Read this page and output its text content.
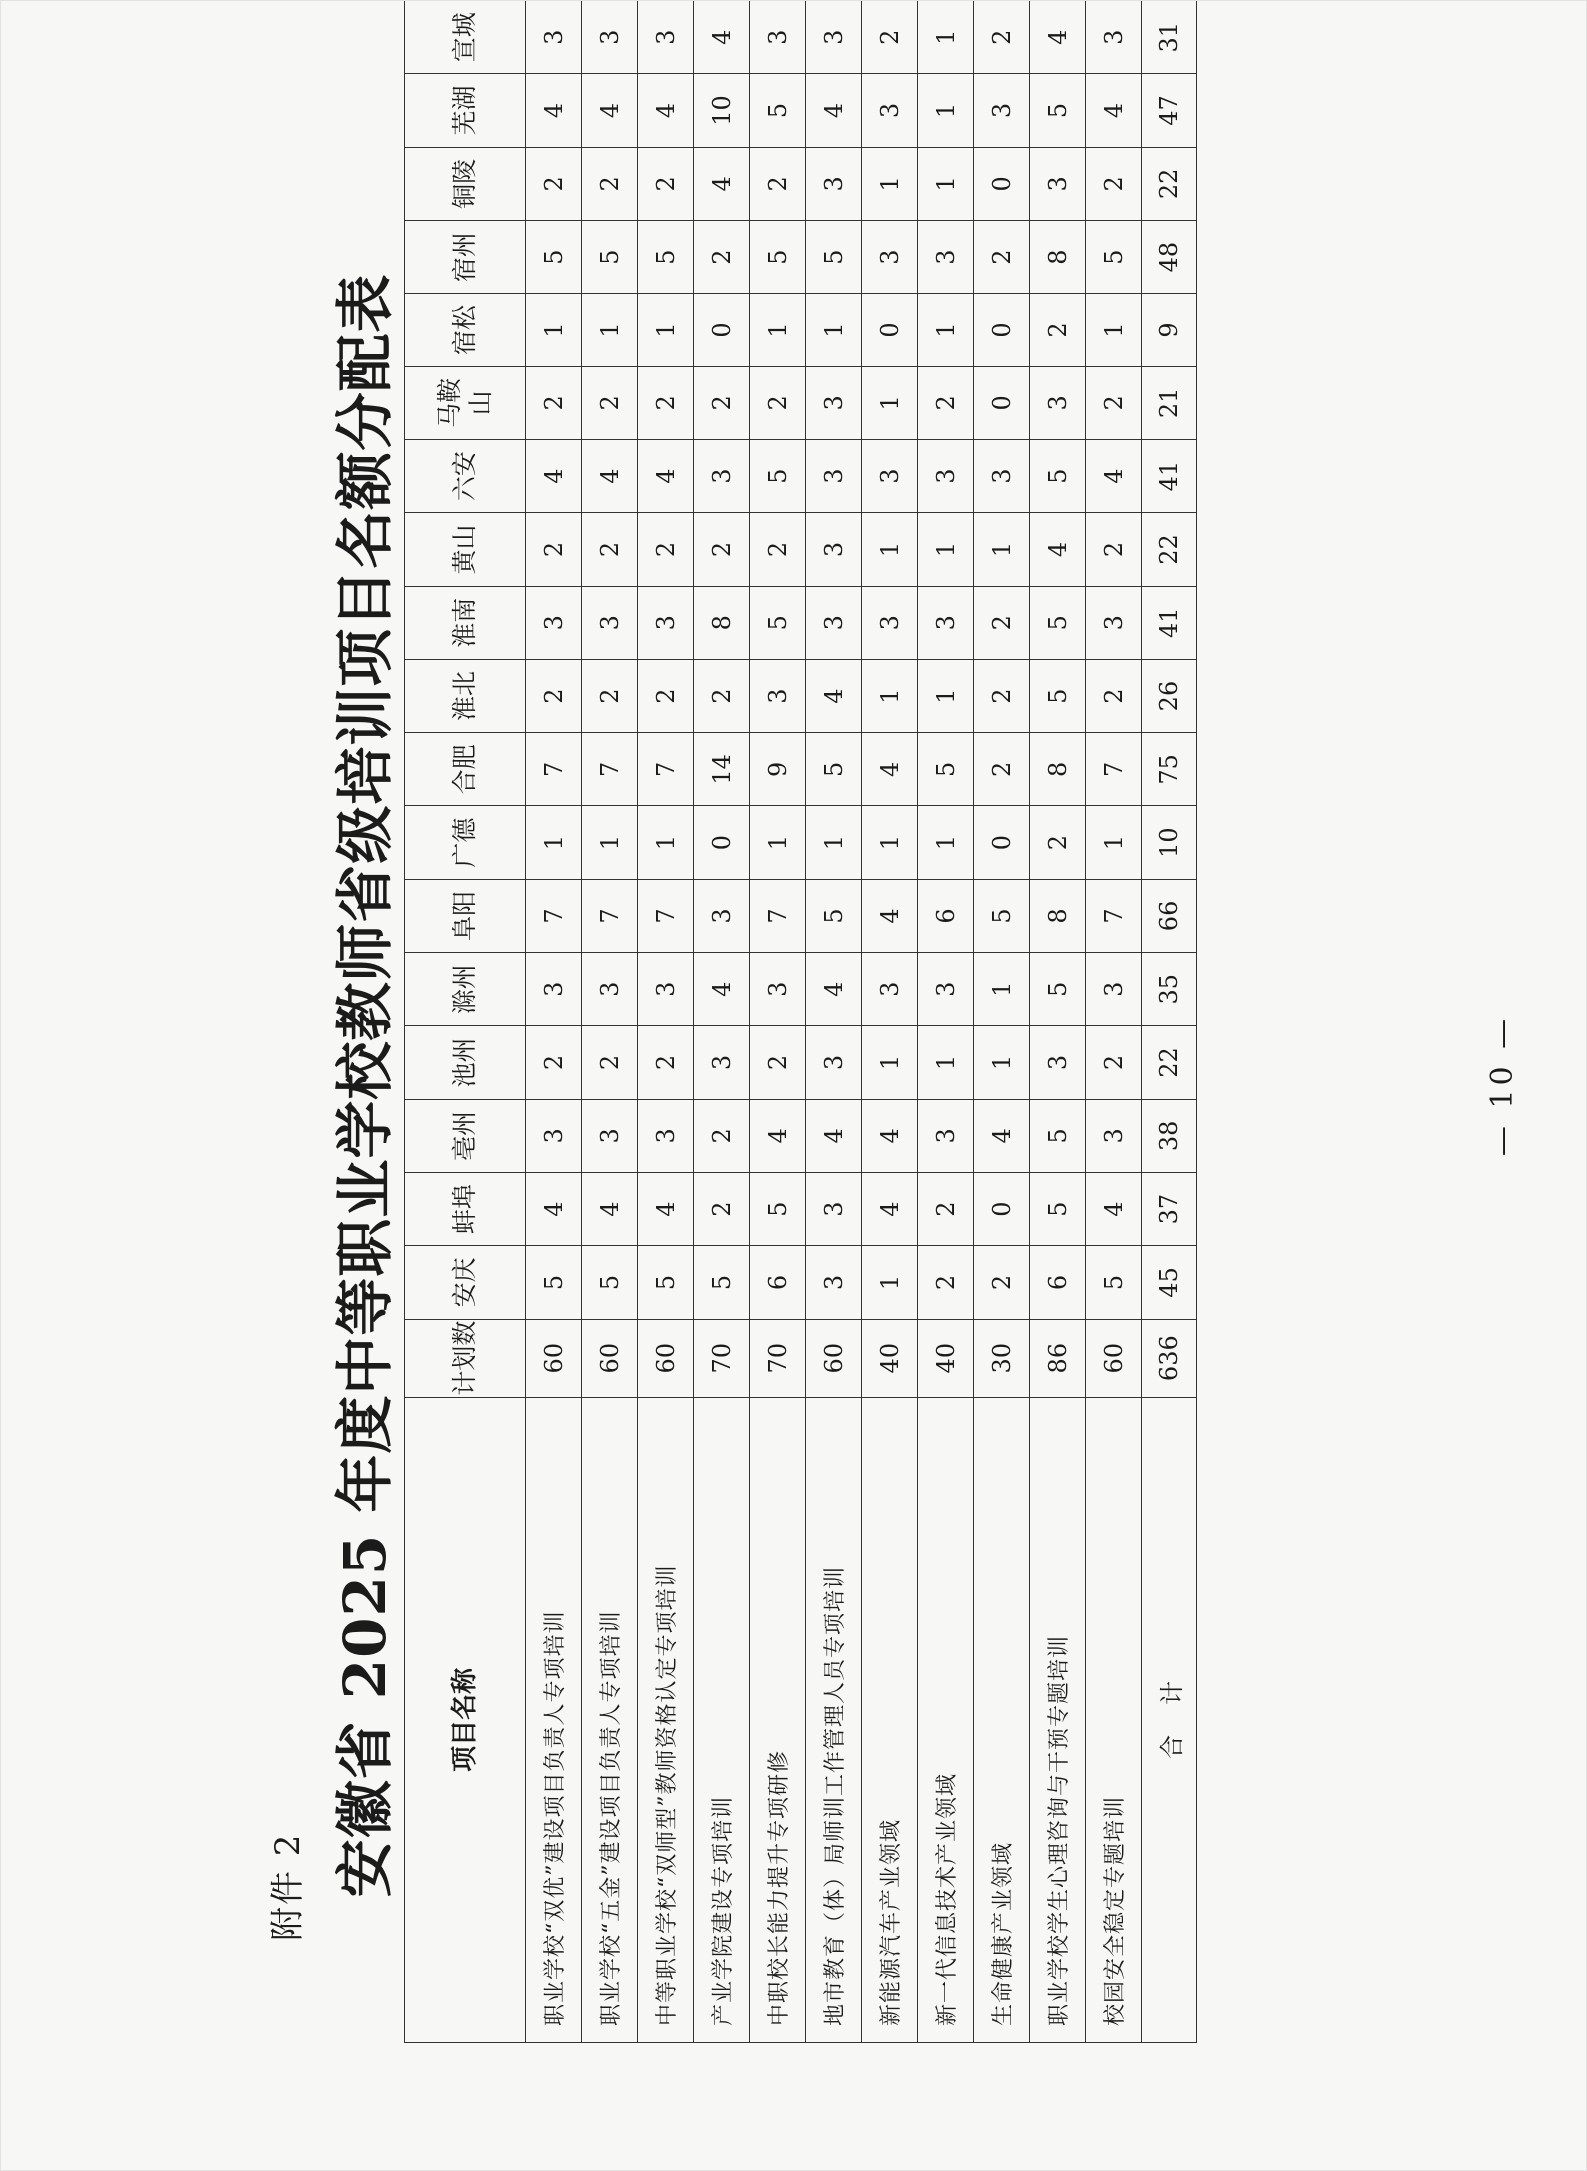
附件 2 安徽省 2025 年度中等职业学校教师省级培训项目名额分配表 项目名称	计划数	安庆	蚌埠	亳州	池州	滁州	阜阳	广德	合肥	淮北	淮南	黄山	六安	马鞍山	宿松	宿州	铜陵	芜湖	宣城
职业学校“双优”建设项目负责人专项培训	60	5	4	3	2	3	7	1	7	2	3	2	4	2	1	5	2	4	3
职业学校“五金”建设项目负责人专项培训	60	5	4	3	2	3	7	1	7	2	3	2	4	2	1	5	2	4	3
中等职业学校“双师型”教师资格认定专项培训	60	5	4	3	2	3	7	1	7	2	3	2	4	2	1	5	2	4	3
产业学院建设专项培训	70	5	2	2	3	4	3	0	14	2	8	2	3	2	0	2	4	10	4
中职校长能力提升专项研修	70	6	5	4	2	3	7	1	9	3	5	2	5	2	1	5	2	5	3
地市教育（体）局师训工作管理人员专项培训	60	3	3	4	3	4	5	1	5	4	3	3	3	3	1	5	3	4	3
新能源汽车产业领域	40	1	4	4	1	3	4	1	4	1	3	1	3	1	0	3	1	3	2
新一代信息技术产业领域	40	2	2	3	1	3	6	1	5	1	3	1	3	2	1	3	1	1	1
生命健康产业领域	30	2	0	4	1	1	5	0	2	2	2	1	3	0	0	2	0	3	2
职业学校学生心理咨询与干预专题培训	86	6	5	5	3	5	8	2	8	5	5	4	5	3	2	8	3	5	4
校园安全稳定专题培训	60	5	4	3	2	3	7	1	7	2	3	2	4	2	1	5	2	4	3
合计	636	45	37	38	22	35	66	10	75	26	41	22	41	21	9	48	22	47	31
— 10 —
